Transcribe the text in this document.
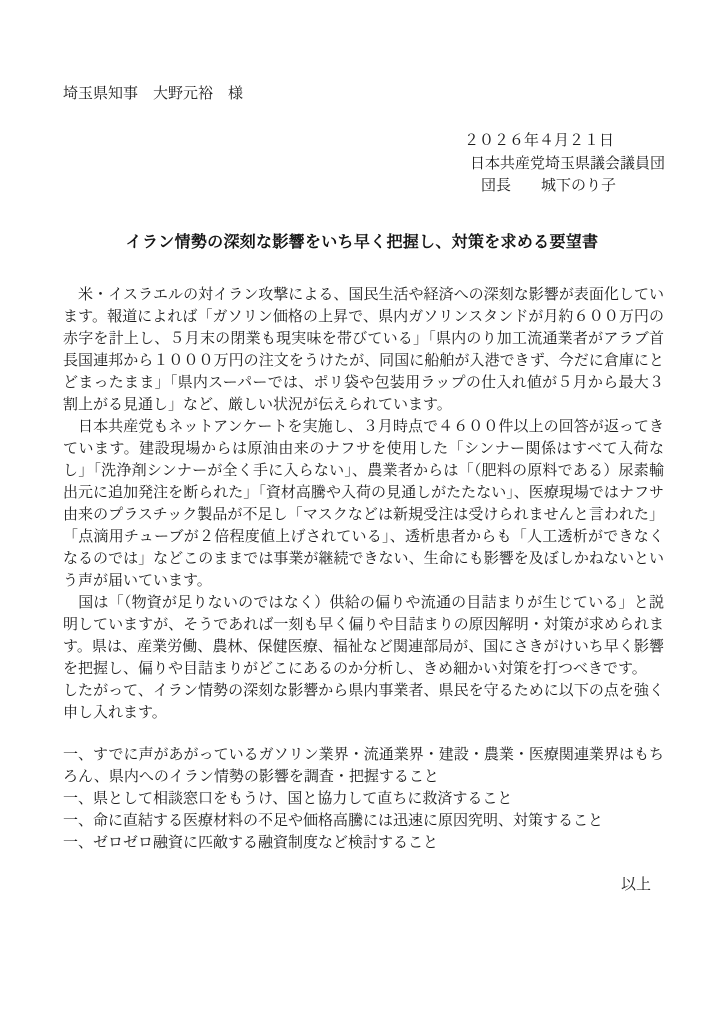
埼玉県知事　大野元裕　様
２０２６年４月２１日
日本共産党埼玉県議会議員団
団長　　城下のり子
イラン情勢の深刻な影響をいち早く把握し、対策を求める要望書

　米・イスラエルの対イラン攻撃による、国民生活や経済への深刻な影響が表面化しています。報道によれば「ガソリン価格の上昇で、県内ガソリンスタンドが月約６００万円の赤字を計上し、５月末の閉業も現実味を帯びている」「県内のり加工流通業者がアラブ首長国連邦から１０００万円の注文をうけたが、同国に船舶が入港できず、今だに倉庫にとどまったまま」「県内スーパーでは、ポリ袋や包装用ラップの仕入れ値が５月から最大３割上がる見通し」など、厳しい状況が伝えられています。

　日本共産党もネットアンケートを実施し、３月時点で４６００件以上の回答が返ってきています。建設現場からは原油由来のナフサを使用した「シンナー関係はすべて入荷なし」「洗浄剤シンナーが全く手に入らない」、農業者からは「（肥料の原料である）尿素輸出元に追加発注を断られた」「資材高騰や入荷の見通しがたたない」、医療現場ではナフサ由来のプラスチック製品が不足し「マスクなどは新規受注は受けられませんと言われた」「点滴用チューブが２倍程度値上げされている」、透析患者からも「人工透析ができなくなるのでは」などこのままでは事業が継続できない、生命にも影響を及ぼしかねないという声が届いています。

　国は「（物資が足りないのではなく）供給の偏りや流通の目詰まりが生じている」と説明していますが、そうであれば一刻も早く偏りや目詰まりの原因解明・対策が求められます。県は、産業労働、農林、保健医療、福祉など関連部局が、国にさきがけいち早く影響を把握し、偏りや目詰まりがどこにあるのか分析し、きめ細かい対策を打つべきです。

したがって、イラン情勢の深刻な影響から県内事業者、県民を守るために以下の点を強く申し入れます。

一、すでに声があがっているガソリン業界・流通業界・建設・農業・医療関連業界はもちろん、県内へのイラン情勢の影響を調査・把握すること
一、県として相談窓口をもうけ、国と協力して直ちに救済すること
一、命に直結する医療材料の不足や価格高騰には迅速に原因究明、対策すること
一、ゼロゼロ融資に匹敵する融資制度など検討すること
以上
